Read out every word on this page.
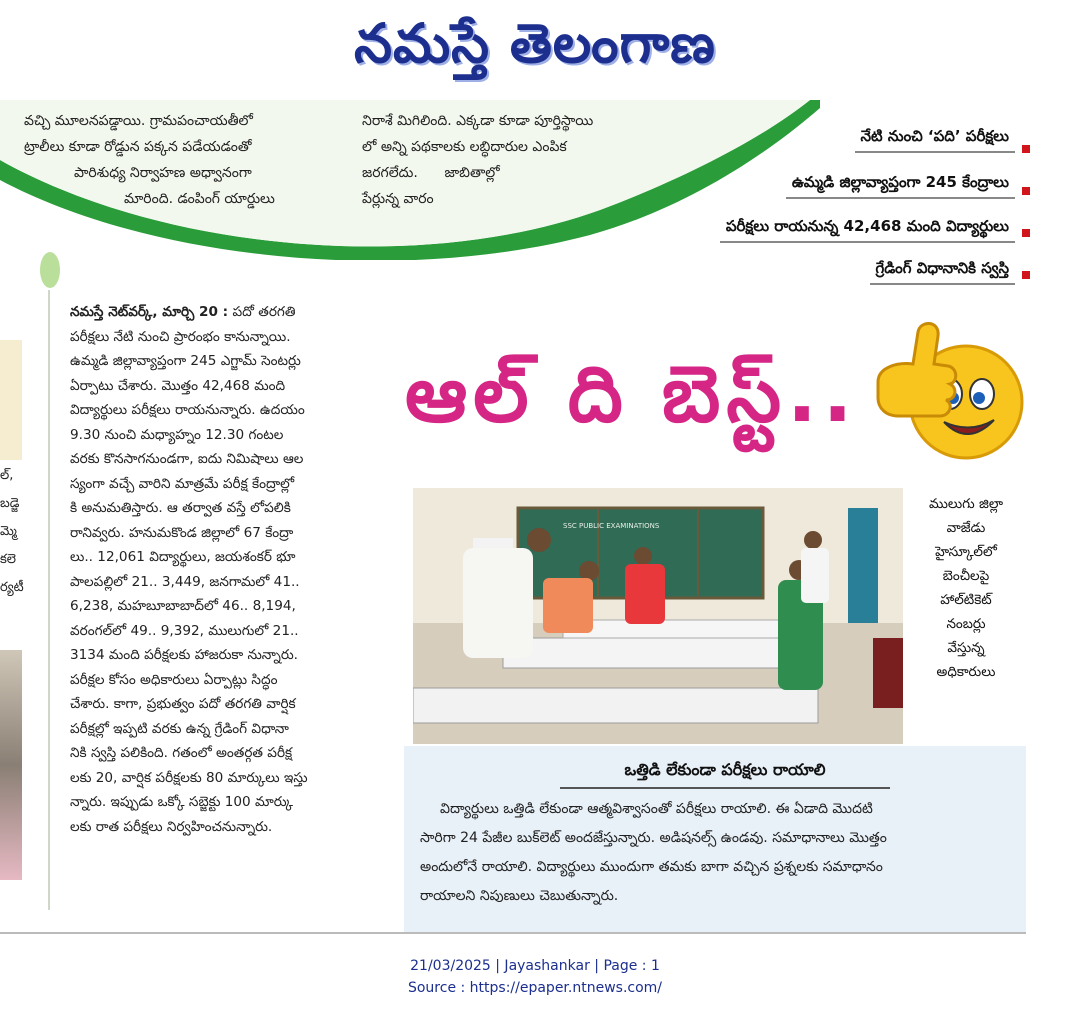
నమస్తే తెలంగాణ
వచ్చి మూలనపడ్డాయి. గ్రామపంచాయతీలో
ట్రాలీలు కూడా రోడ్డున పక్కన పడేయడంతో
పారిశుధ్య నిర్వాహణ అధ్వానంగా
మారింది. డంపింగ్ యార్డులు
నిరాశే మిగిలింది. ఎక్కడా కూడా పూర్తిస్థాయి
లో అన్ని పథకాలకు లబ్ధిదారుల ఎంపిక
జరగలేదు.      జాబితాల్లో
పేర్లున్న వారం
నేటి నుంచి ‘పది’ పరీక్షలు
ఉమ్మడి జిల్లావ్యాప్తంగా 245 కేంద్రాలు
పరీక్షలు రాయనున్న 42,468 మంది విద్యార్థులు
గ్రేడింగ్ విధానానికి స్వస్తి
ల్,
బడ్జె
మ్మె
కలె
ర్యటీ
నమస్తే నెట్‌వర్క్, మార్చి 20 : పదో తరగతి
పరీక్షలు నేటి నుంచి ప్రారంభం కానున్నాయి.
ఉమ్మడి జిల్లావ్యాప్తంగా 245 ఎగ్జామ్ సెంటర్లు
ఏర్పాటు చేశారు. మొత్తం 42,468 మంది
విద్యార్థులు పరీక్షలు రాయనున్నారు. ఉదయం
9.30 నుంచి మధ్యాహ్నం 12.30 గంటల
వరకు కొనసాగనుండగా, ఐదు నిమిషాలు ఆల
స్యంగా వచ్చే వారిని మాత్రమే పరీక్ష కేంద్రాల్లో
కి అనుమతిస్తారు. ఆ తర్వాత వస్తే లోపలికి
రానివ్వరు. హనుమకొండ జిల్లాలో 67 కేంద్రా
లు.. 12,061 విద్యార్థులు, జయశంకర్ భూ
పాలపల్లిలో 21.. 3,449, జనగామలో 41..
6,238, మహబూబాబాద్‌లో 46.. 8,194,
వరంగల్‌లో 49.. 9,392, ములుగులో 21..
3134 మంది పరీక్షలకు హాజరుకా నున్నారు.
పరీక్షల కోసం అధికారులు ఏర్పాట్లు సిద్ధం
చేశారు. కాగా, ప్రభుత్వం పదో తరగతి వార్షిక
పరీక్షల్లో ఇప్పటి వరకు ఉన్న గ్రేడింగ్ విధానా
నికి స్వస్తి పలికింది. గతంలో అంతర్గత పరీక్ష
లకు 20, వార్షిక పరీక్షలకు 80 మార్కులు ఇస్తు
న్నారు. ఇప్పుడు ఒక్కో సబ్జెక్టు 100 మార్కు
లకు రాత పరీక్షలు నిర్వహించనున్నారు.
ఆల్ ది బెస్ట్..
SSC PUBLIC EXAMINATIONS
ములుగు జిల్లా
వాజేడు
హైస్కూల్‌లో
బెంచీలపై
హాల్‌టికెట్
నంబర్లు
వేస్తున్న
అధికారులు
ఒత్తిడి లేకుండా పరీక్షలు రాయాలి
విద్యార్థులు ఒత్తిడి లేకుండా ఆత్మవిశ్వాసంతో పరీక్షలు రాయాలి. ఈ ఏడాది మొదటి
సారిగా 24 పేజీల బుక్‌లెట్ అందజేస్తున్నారు. అడిషనల్స్ ఉండవు. సమాధానాలు మొత్తం
అందులోనే రాయాలి. విద్యార్థులు ముందుగా తమకు బాగా వచ్చిన ప్రశ్నలకు సమాధానం
రాయాలని నిపుణులు చెబుతున్నారు.
21/03/2025 | Jayashankar | Page : 1
Source : https://epaper.ntnews.com/
